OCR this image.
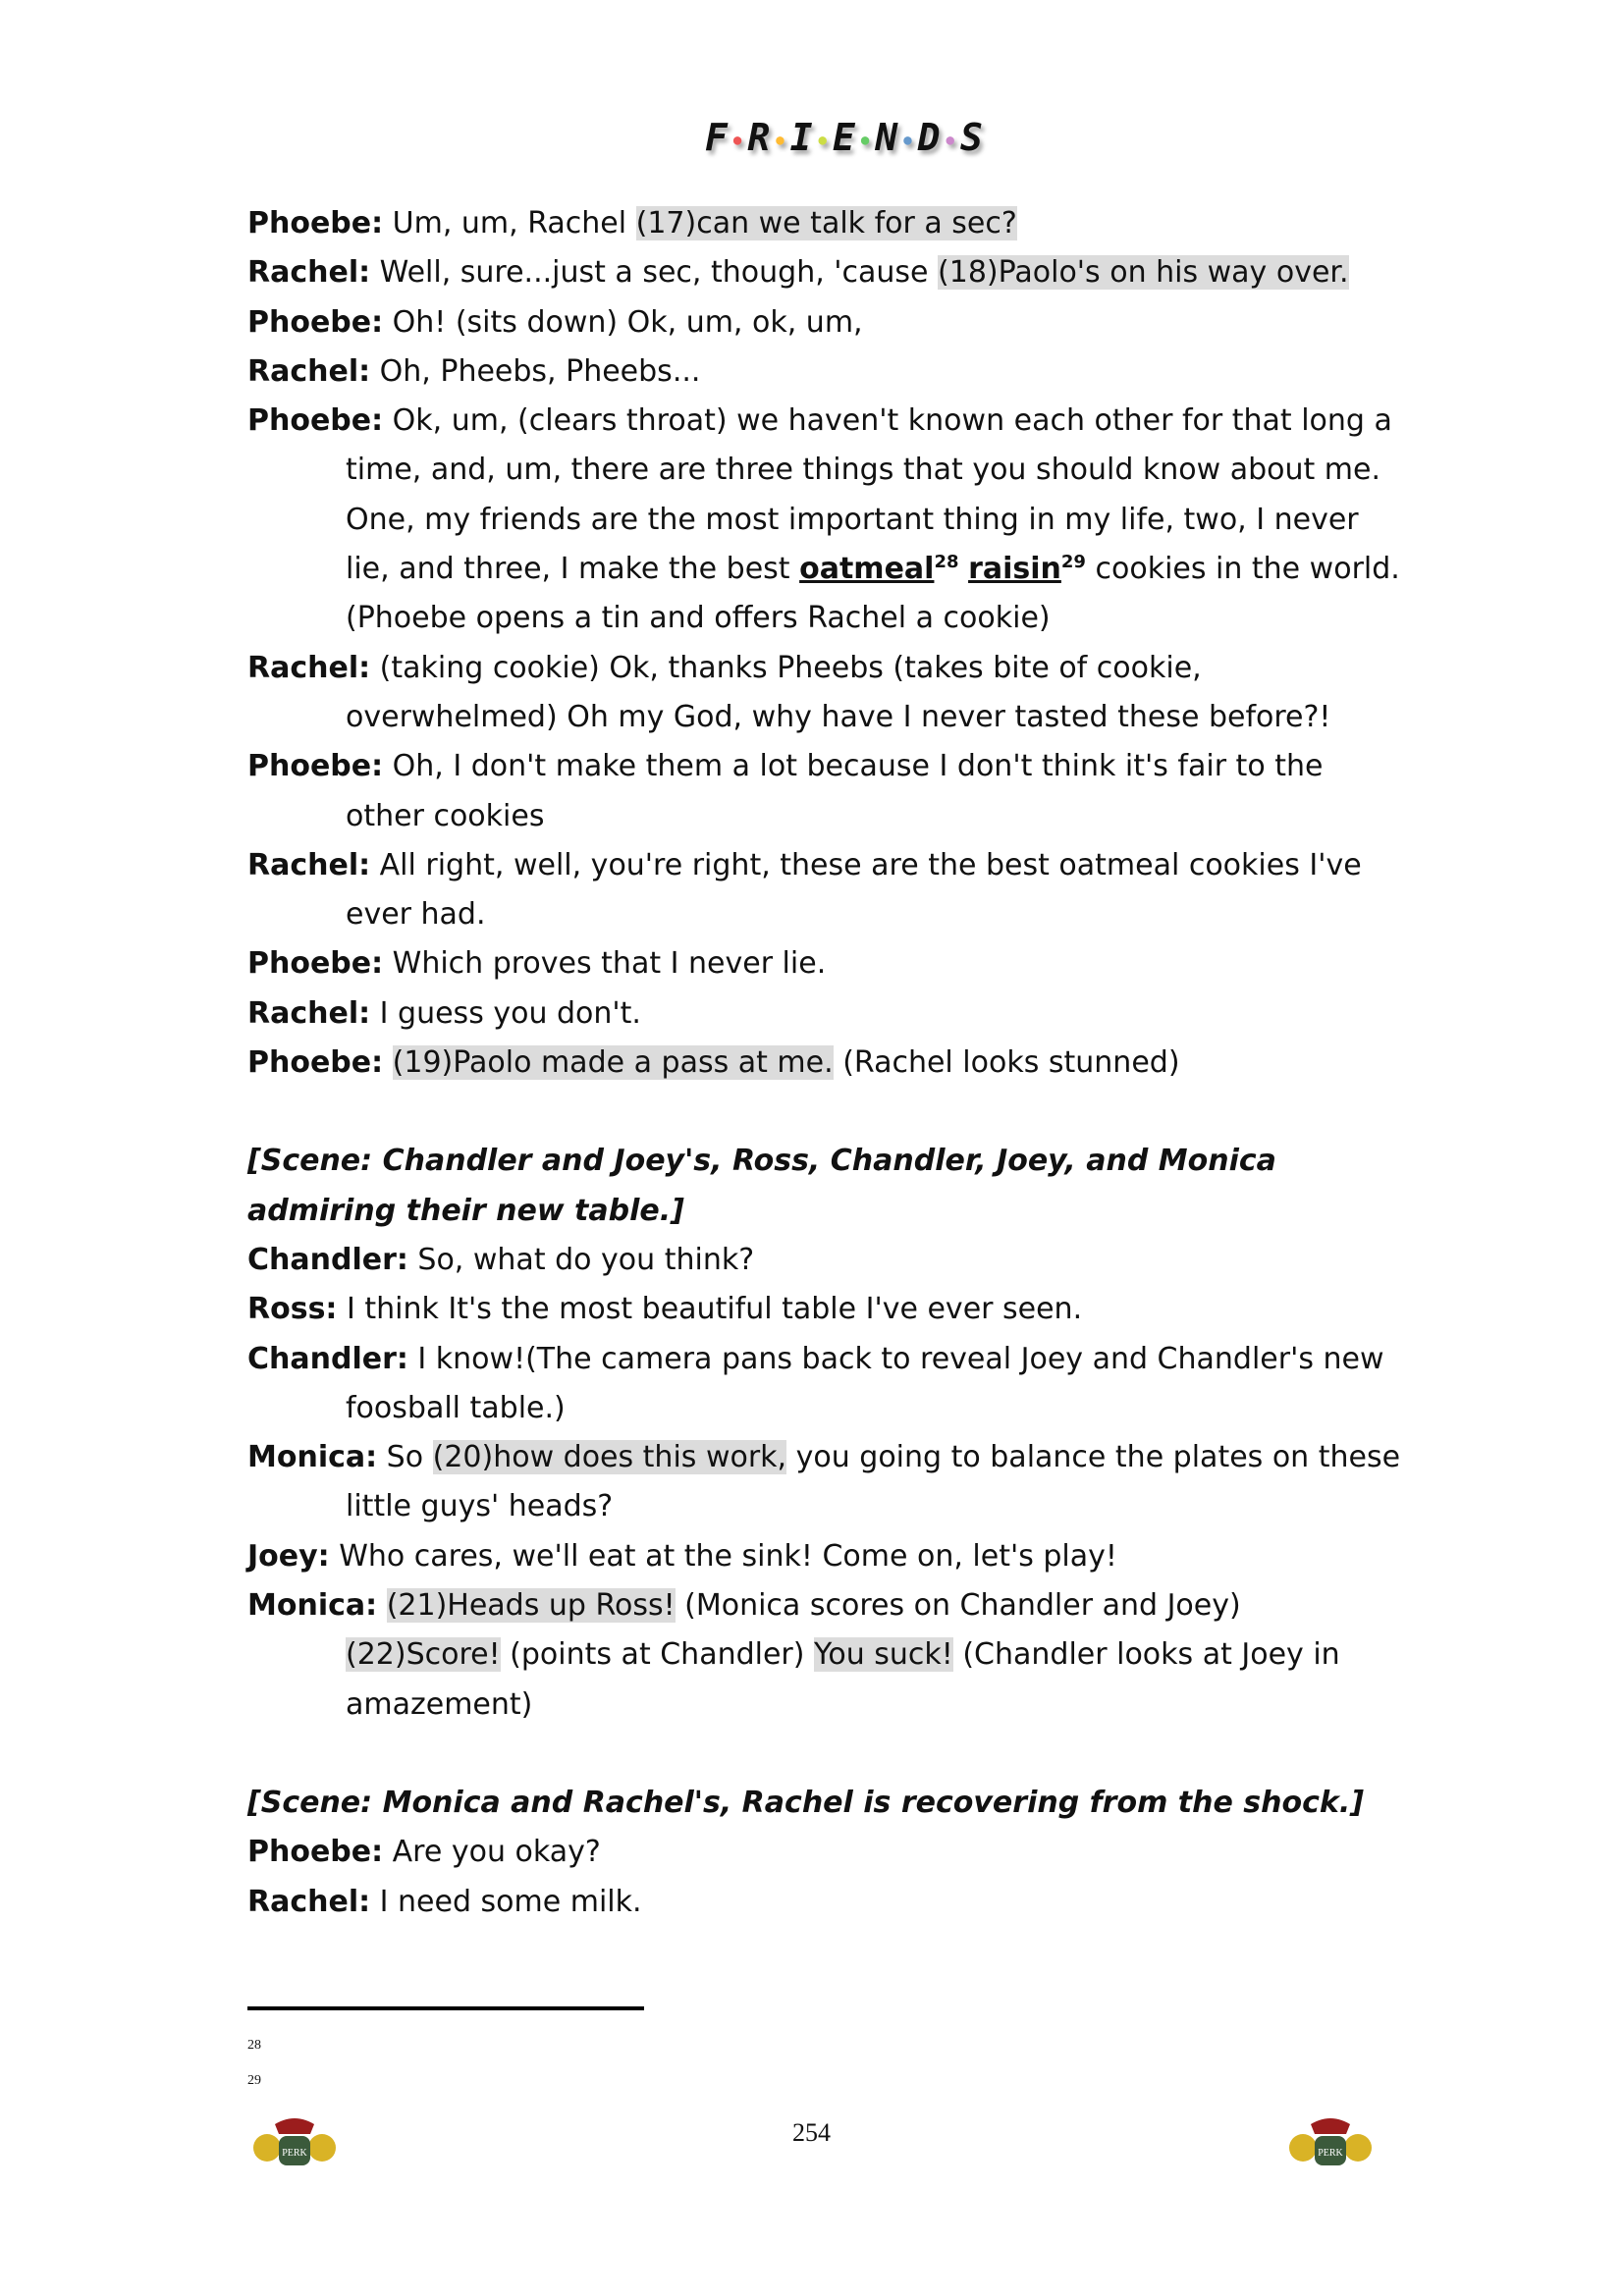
F ● R ● I ● E ● N ● D ● S
Phoebe: Um, um, Rachel (17)can we talk for a sec?
Rachel: Well, sure...just a sec, though, 'cause (18)Paolo's on his way over.
Phoebe: Oh! (sits down) Ok, um, ok, um,
Rachel: Oh, Pheebs, Pheebs...
Phoebe: Ok, um, (clears throat) we haven't known each other for that long a time, and, um, there are three things that you should know about me. One, my friends are the most important thing in my life, two, I never lie, and three, I make the best oatmeal$^{28}$ raisin$^{29}$ cookies in the world. (Phoebe opens a tin and offers Rachel a cookie)
Rachel: (taking cookie) Ok, thanks Pheebs (takes bite of cookie, overwhelmed) Oh my God, why have I never tasted these before?!
Phoebe: Oh, I don't make them a lot because I don't think it's fair to the other cookies
Rachel: All right, well, you're right, these are the best oatmeal cookies I've ever had.
Phoebe: Which proves that I never lie.
Rachel: I guess you don't.
Phoebe: (19)Paolo made a pass at me. (Rachel looks stunned)
[Scene: Chandler and Joey's, Ross, Chandler, Joey, and Monica admiring their new table.]
Chandler: So, what do you think?
Ross: I think It's the most beautiful table I've ever seen.
Chandler: I know!(The camera pans back to reveal Joey and Chandler's new foosball table.)
Monica: So (20)how does this work, you going to balance the plates on these little guys' heads?
Joey: Who cares, we'll eat at the sink! Come on, let's play!
Monica: (21)Heads up Ross! (Monica scores on Chandler and Joey) (22)Score! (points at Chandler) You suck! (Chandler looks at Joey in amazement)
[Scene: Monica and Rachel's, Rachel is recovering from the shock.]
Phoebe: Are you okay?
Rachel: I need some milk.
28
29
PERK	PERK
254
